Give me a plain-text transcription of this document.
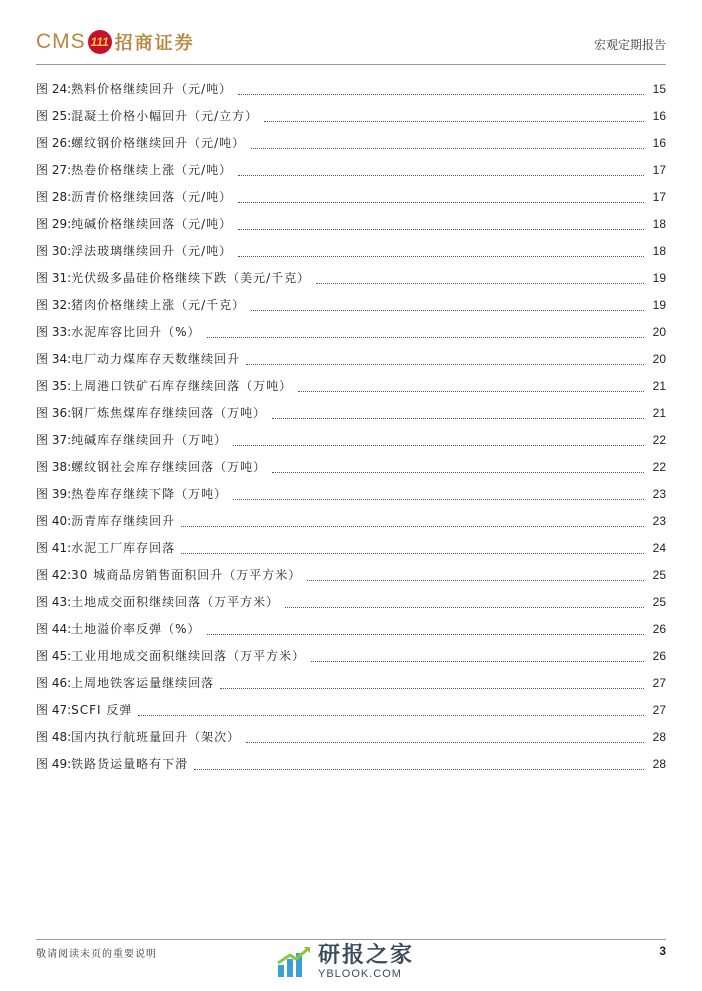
CMS 111 招商证券	宏观定期报告
图 24: 熟料价格继续回升（元/吨）	15
图 25: 混凝土价格小幅回升（元/立方）	16
图 26: 螺纹钢价格继续回升（元/吨）	16
图 27: 热卷价格继续上涨（元/吨）	17
图 28: 沥青价格继续回落（元/吨）	17
图 29: 纯碱价格继续回落（元/吨）	18
图 30: 浮法玻璃继续回升（元/吨）	18
图 31: 光伏级多晶硅价格继续下跌（美元/千克）	19
图 32: 猪肉价格继续上涨（元/千克）	19
图 33: 水泥库容比回升（%）	20
图 34: 电厂动力煤库存天数继续回升	20
图 35: 上周港口铁矿石库存继续回落（万吨）	21
图 36: 钢厂炼焦煤库存继续回落（万吨）	21
图 37: 纯碱库存继续回升（万吨）	22
图 38: 螺纹钢社会库存继续回落（万吨）	22
图 39: 热卷库存继续下降（万吨）	23
图 40: 沥青库存继续回升	23
图 41: 水泥工厂库存回落	24
图 42: 30 城商品房销售面积回升（万平方米）	25
图 43: 土地成交面积继续回落（万平方米）	25
图 44: 土地溢价率反弹（%）	26
图 45: 工业用地成交面积继续回落（万平方米）	26
图 46: 上周地铁客运量继续回落	27
图 47: SCFI 反弹	27
图 48: 国内执行航班量回升（架次）	28
图 49: 铁路货运量略有下滑	28
敬请阅读末页的重要说明	研报之家
YBLOOK.COM
3
